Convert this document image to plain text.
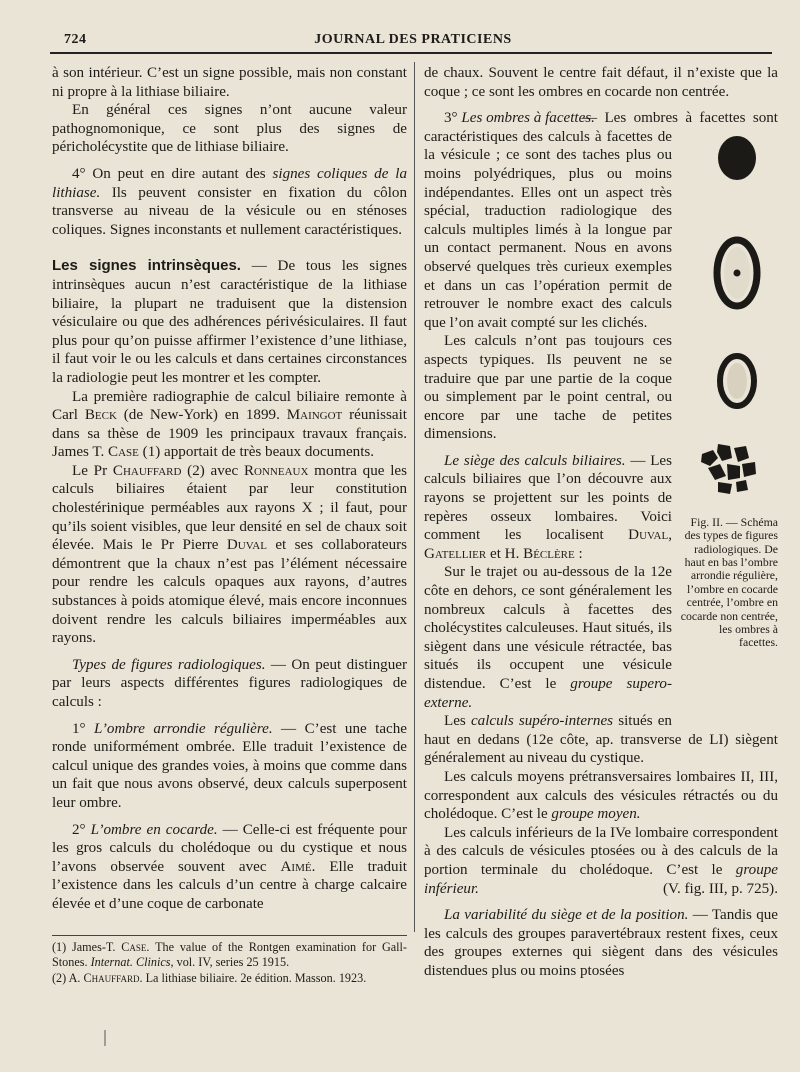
724	JOURNAL DES PRATICIENS

à son intérieur. C’est un signe possible, mais non constant ni propre à la lithiase biliaire.

En général ces signes n’ont aucune valeur pathognomonique, ce sont plus des signes de péricholécystite que de lithiase biliaire.

4° On peut en dire autant des signes coliques de la lithiase. Ils peuvent consister en fixation du côlon transverse au niveau de la vésicule ou en sténoses coliques. Signes inconstants et nullement caractéristiques.

Les signes intrinsèques. — De tous les signes intrinsèques aucun n’est caractéristique de la lithiase biliaire, la plupart ne traduisent que la distension vésiculaire ou que des adhérences périvésiculaires. Il faut plus pour qu’on puisse affirmer l’existence d’une lithiase, il faut voir le ou les calculs et dans certaines circonstances la radiologie peut les montrer et les compter.

La première radiographie de calcul biliaire remonte à Carl Beck (de New-York) en 1899. Maingot réunissait dans sa thèse de 1909 les principaux travaux français. James T. Case (1) apportait de très beaux documents.

Le Pr Chauffard (2) avec Ronneaux montra que les calculs biliaires étaient par leur constitution cholestérinique perméables aux rayons X ; il faut, pour qu’ils soient visibles, que leur densité en sel de chaux soit élevée. Mais le Pr Pierre Duval et ses collaborateurs démontrent que la chaux n’est pas l’élément nécessaire pour rendre les calculs opaques aux rayons, d’autres substances à poids atomique élevé, mais encore inconnues doivent rendre les calculs biliaires imperméables aux rayons.

Types de figures radiologiques. — On peut distinguer par leurs aspects différentes figures radiologiques de calculs :

1° L’ombre arrondie régulière. — C’est une tache ronde uniformément ombrée. Elle traduit l’existence de calcul unique des grandes voies, à moins que comme dans un fait que nous avons observé, deux calculs superposent leur ombre.

2° L’ombre en cocarde. — Celle-ci est fréquente pour les gros calculs du cholédoque ou du cystique et nous l’avons observée souvent avec Aimé. Elle traduit l’existence dans les calculs d’un centre à charge calcaire élevée et d’une coque de carbonate

(1) James-T. Case. The value of the Rontgen examination for Gall-Stones. Internat. Clinics, vol. IV, series 25 1915.

(2) A. Chauffard. La lithiase biliaire. 2e édition. Masson. 1923.

de chaux. Souvent le centre fait défaut, il n’existe que la coque ; ce sont les ombres en cocarde non centrée.

3° Les ombres à facettes.

Fig. II. — Schéma des types de figures radiologiques. De haut en bas l’ombre arrondie régulière, l’ombre en cocarde centrée, l’ombre en cocarde non centrée, les ombres à facettes.

— Les ombres à facettes sont caractéristiques des calculs à facettes de la vésicule ; ce sont des taches plus ou moins polyédriques, plus ou moins indépendantes. Elles ont un aspect très spécial, traduction radiologique des calculs multiples limés à la longue par un contact permanent. Nous en avons observé quelques très curieux exemples et dans un cas l’opération permit de retrouver le nombre exact des calculs que l’on avait compté sur les clichés.

Les calculs n’ont pas toujours ces aspects typiques. Ils peuvent ne se traduire que par une partie de la coque ou simplement par le point central, ou encore par une tache de petites dimensions.

Le siège des calculs biliaires. — Les calculs biliaires que l’on découvre aux rayons se projettent sur les points de repères osseux lombaires. Voici comment les localisent Duval, Gatellier et H. Béclère :

Sur le trajet ou au-dessous de la 12e côte en dehors, ce sont généralement les nombreux calculs à facettes des cholécystites calculeuses. Haut situés, ils siègent dans une vésicule rétractée, bas situés ils occupent une vésicule distendue. C’est le groupe supero-externe.

Les calculs supéro-internes situés en haut en dedans (12e côte, ap. transverse de LI) siègent généralement au niveau du cystique.

Les calculs moyens prétransversaires lombaires II, III, correspondent aux calculs des vésicules rétractés ou du cholédoque. C’est le groupe moyen.

Les calculs inférieurs de la IVe lombaire correspondent à des calculs de vésicules ptosées ou à des calculs de la portion terminale du cholédoque. C’est le groupe inférieur.	(V. fig. III, p. 725).

La variabilité du siège et de la position. — Tandis que les calculs des groupes paravertébraux restent fixes, ceux des groupes externes qui siègent dans des vésicules distendues plus ou moins ptosées
